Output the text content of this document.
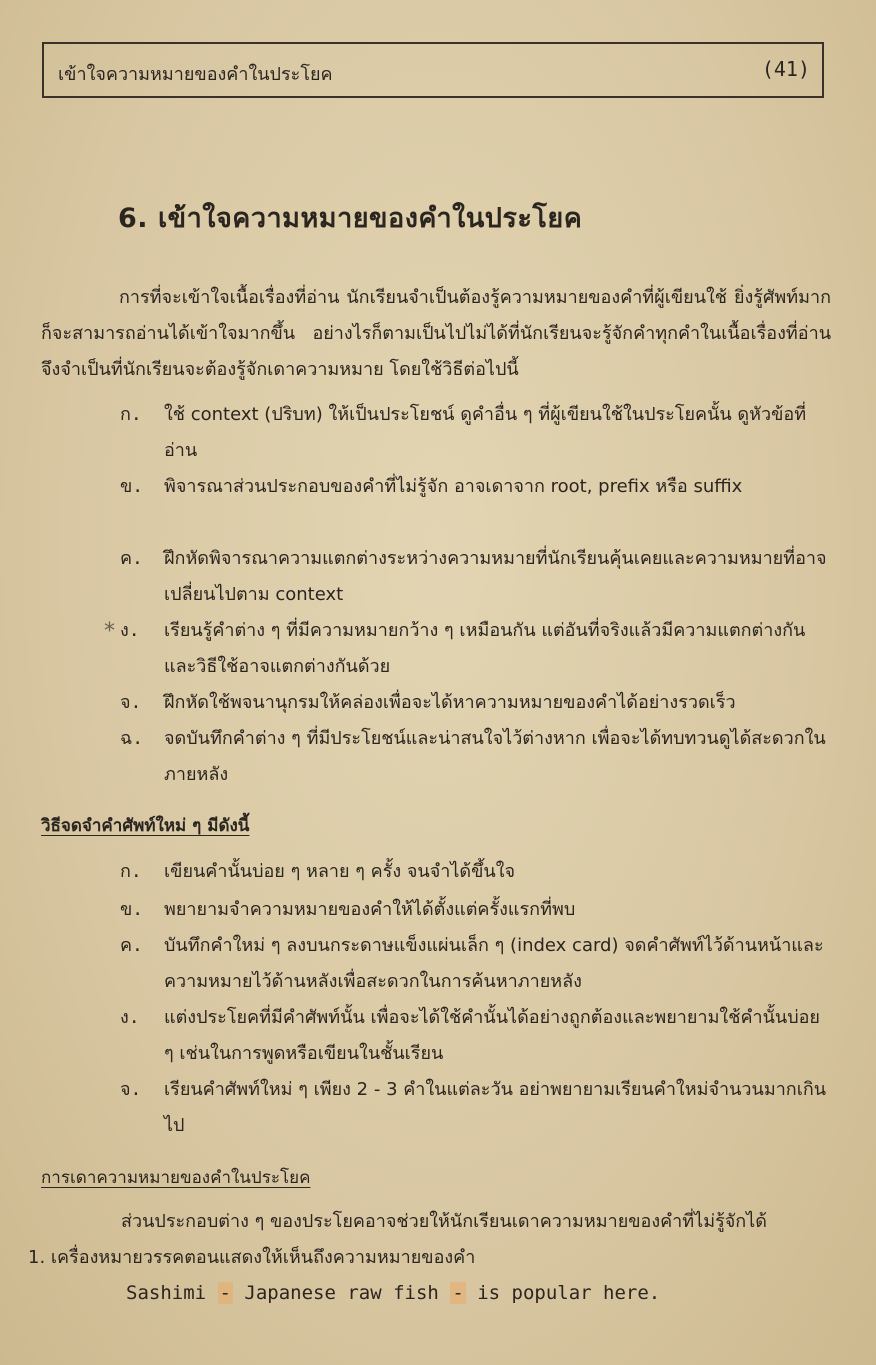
เข้าใจความหมายของคำในประโยค	(41)
6. เข้าใจความหมายของคำในประโยค
การที่จะเข้าใจเนื้อเรื่องที่อ่าน นักเรียนจำเป็นต้องรู้ความหมายของคำที่ผู้เขียนใช้ ยิ่งรู้ศัพท์มากก็จะสามารถอ่านได้เข้าใจมากขึ้น อย่างไรก็ตามเป็นไปไม่ได้ที่นักเรียนจะรู้จักคำทุกคำในเนื้อเรื่องที่อ่าน จึงจำเป็นที่นักเรียนจะต้องรู้จักเดาความหมาย โดยใช้วิธีต่อไปนี้
ก.	ใช้ context (ปริบท) ให้เป็นประโยชน์ ดูคำอื่น ๆ ที่ผู้เขียนใช้ในประโยคนั้น ดูหัวข้อที่อ่าน
ข.	พิจารณาส่วนประกอบของคำที่ไม่รู้จัก อาจเดาจาก root, prefix หรือ suffix
ค.	ฝึกหัดพิจารณาความแตกต่างระหว่างความหมายที่นักเรียนคุ้นเคยและความหมายที่อาจเปลี่ยนไปตาม context
* ง.	เรียนรู้คำต่าง ๆ ที่มีความหมายกว้าง ๆ เหมือนกัน แต่อันที่จริงแล้วมีความแตกต่างกันและวิธีใช้อาจแตกต่างกันด้วย
จ.	ฝึกหัดใช้พจนานุกรมให้คล่องเพื่อจะได้หาความหมายของคำได้อย่างรวดเร็ว
ฉ.	จดบันทึกคำต่าง ๆ ที่มีประโยชน์และน่าสนใจไว้ต่างหาก เพื่อจะได้ทบทวนดูได้สะดวกในภายหลัง
วิธีจดจำคำศัพท์ใหม่ ๆ มีดังนี้
ก.	เขียนคำนั้นบ่อย ๆ หลาย ๆ ครั้ง จนจำได้ขึ้นใจ
ข.	พยายามจำความหมายของคำให้ได้ตั้งแต่ครั้งแรกที่พบ
ค.	บันทึกคำใหม่ ๆ ลงบนกระดาษแข็งแผ่นเล็ก ๆ (index card) จดคำศัพท์ไว้ด้านหน้าและความหมายไว้ด้านหลังเพื่อสะดวกในการค้นหาภายหลัง
ง.	แต่งประโยคที่มีคำศัพท์นั้น เพื่อจะได้ใช้คำนั้นได้อย่างถูกต้องและพยายามใช้คำนั้นบ่อย ๆ เช่นในการพูดหรือเขียนในชั้นเรียน
จ.	เรียนคำศัพท์ใหม่ ๆ เพียง 2 - 3 คำในแต่ละวัน อย่าพยายามเรียนคำใหม่จำนวนมากเกินไป
การเดาความหมายของคำในประโยค
ส่วนประกอบต่าง ๆ ของประโยคอาจช่วยให้นักเรียนเดาความหมายของคำที่ไม่รู้จักได้
1. เครื่องหมายวรรคตอนแสดงให้เห็นถึงความหมายของคำ
Sashimi - Japanese raw fish - is popular here.
